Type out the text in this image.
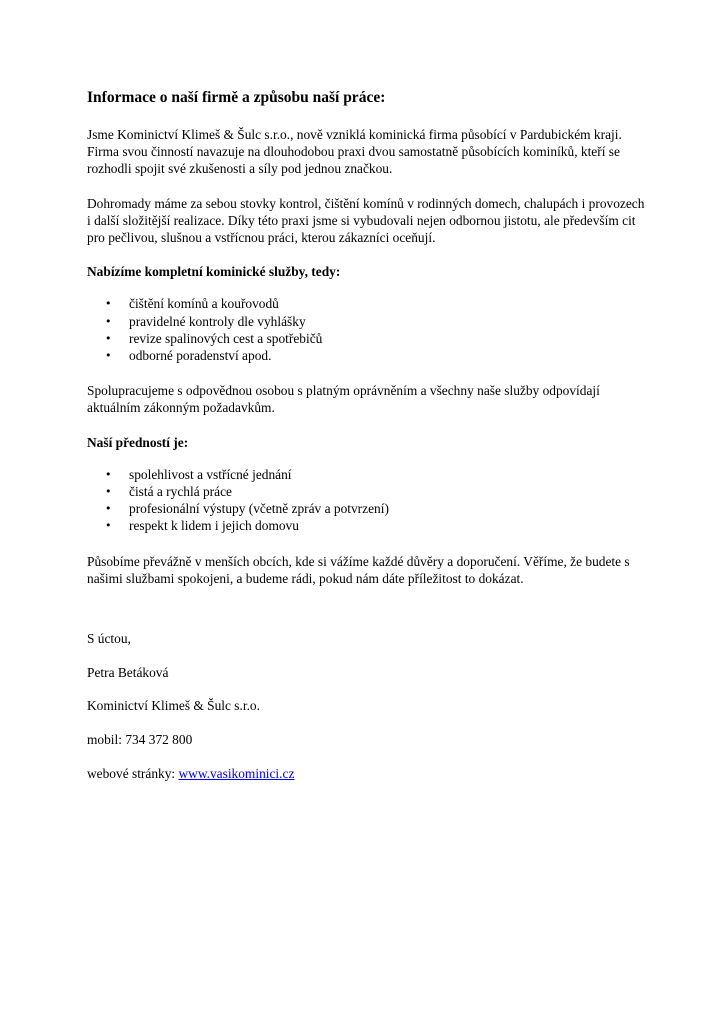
Informace o naší firmě a způsobu naší práce:

Jsme Kominictví Klimeš & Šulc s.r.o., nově vzniklá kominická firma působící v Pardubickém kraji. Firma svou činností navazuje na dlouhodobou praxi dvou samostatně působících kominíků, kteří se rozhodli spojit své zkušenosti a síly pod jednou značkou.

Dohromady máme za sebou stovky kontrol, čištění komínů v rodinných domech, chalupách i provozech i další složitější realizace. Díky této praxi jsme si vybudovali nejen odbornou jistotu, ale především cit pro pečlivou, slušnou a vstřícnou práci, kterou zákazníci oceňují.

Nabízíme kompletní kominické služby, tedy:

• čištění komínů a kouřovodů
• pravidelné kontroly dle vyhlášky
• revize spalinových cest a spotřebičů
• odborné poradenství apod.

Spolupracujeme s odpovědnou osobou s platným oprávněním a všechny naše služby odpovídají aktuálním zákonným požadavkům.

Naší předností je:

• spolehlivost a vstřícné jednání
• čistá a rychlá práce
• profesionální výstupy (včetně zpráv a potvrzení)
• respekt k lidem i jejich domovu

Působíme převážně v menších obcích, kde si vážíme každé důvěry a doporučení. Věříme, že budete s našimi službami spokojeni, a budeme rádi, pokud nám dáte příležitost to dokázat.

S úctou,

Petra Betáková

Kominictví Klimeš & Šulc s.r.o.

mobil: 734 372 800

webové stránky: www.vasikominici.cz
